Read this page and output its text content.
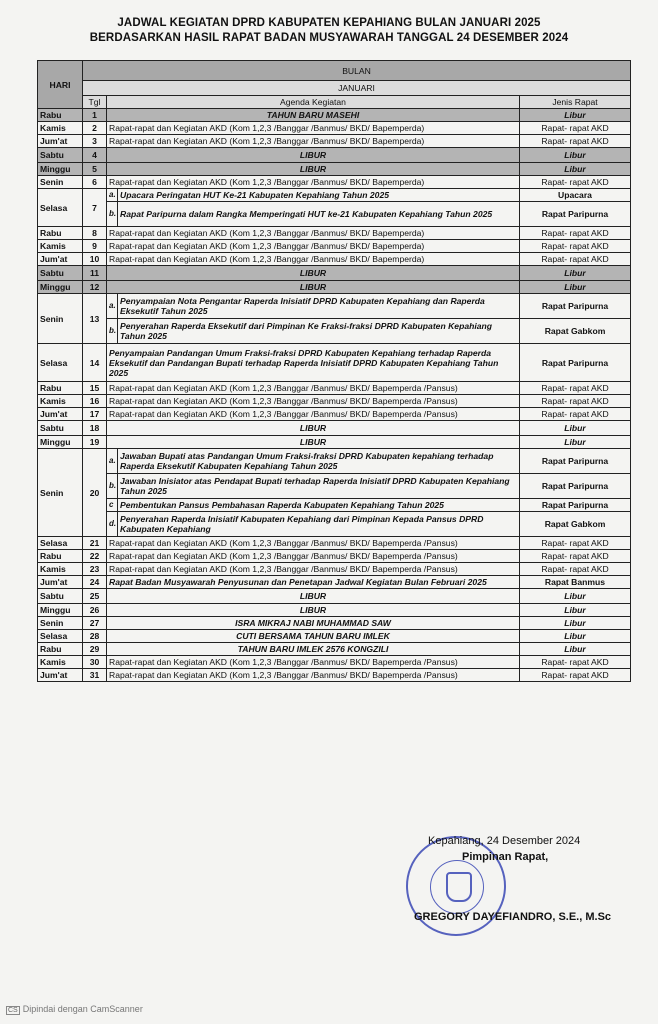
JADWAL KEGIATAN DPRD KABUPATEN KEPAHIANG BULAN JANUARI 2025
BERDASARKAN HASIL RAPAT BADAN MUSYAWARAH TANGGAL 24 DESEMBER 2024
HARI	BULAN			
	JANUARI			
	Tgl	Agenda Kegiatan		Jenis Rapat
Rabu	1	TAHUN BARU MASEHI		Libur
Kamis	2	Rapat-rapat dan Kegiatan AKD (Kom 1,2,3 /Banggar /Banmus/ BKD/ Bapemperda)		Rapat- rapat AKD
Jum'at	3	Rapat-rapat dan Kegiatan AKD (Kom 1,2,3 /Banggar /Banmus/ BKD/ Bapemperda)		Rapat- rapat AKD
Sabtu	4	LIBUR		Libur
Minggu	5	LIBUR		Libur
Senin	6	Rapat-rapat dan Kegiatan AKD (Kom 1,2,3 /Banggar /Banmus/ BKD/ Bapemperda)		Rapat- rapat AKD
Selasa	7	a.	Upacara Peringatan HUT Ke-21 Kabupaten Kepahiang Tahun 2025	Upacara
		b.	Rapat Paripurna dalam Rangka Memperingati HUT ke-21 Kabupaten Kepahiang Tahun 2025	Rapat Paripurna
Rabu	8	Rapat-rapat dan Kegiatan AKD (Kom 1,2,3 /Banggar /Banmus/ BKD/ Bapemperda)		Rapat- rapat AKD
Kamis	9	Rapat-rapat dan Kegiatan AKD (Kom 1,2,3 /Banggar /Banmus/ BKD/ Bapemperda)		Rapat- rapat AKD
Jum'at	10	Rapat-rapat dan Kegiatan AKD (Kom 1,2,3 /Banggar /Banmus/ BKD/ Bapemperda)		Rapat- rapat AKD
Sabtu	11	LIBUR		Libur
Minggu	12	LIBUR		Libur
Senin	13	a.	Penyampaian Nota Pengantar Raperda Inisiatif DPRD Kabupaten Kepahiang dan Raperda Eksekutif Tahun 2025	Rapat Paripurna
		b.	Penyerahan Raperda Eksekutif dari Pimpinan Ke Fraksi-fraksi DPRD Kabupaten Kepahiang Tahun 2025	Rapat Gabkom
Selasa	14	Penyampaian Pandangan Umum Fraksi-fraksi DPRD Kabupaten Kepahiang terhadap Raperda Eksekutif dan Pandangan Bupati terhadap Raperda Inisiatif DPRD Kabupaten Kepahiang Tahun 2025		Rapat Paripurna
Rabu	15	Rapat-rapat dan Kegiatan AKD (Kom 1,2,3 /Banggar /Banmus/ BKD/ Bapemperda /Pansus)		Rapat- rapat AKD
Kamis	16	Rapat-rapat dan Kegiatan AKD (Kom 1,2,3 /Banggar /Banmus/ BKD/ Bapemperda /Pansus)		Rapat- rapat AKD
Jum'at	17	Rapat-rapat dan Kegiatan AKD (Kom 1,2,3 /Banggar /Banmus/ BKD/ Bapemperda /Pansus)		Rapat- rapat AKD
Sabtu	18	LIBUR		Libur
Minggu	19	LIBUR		Libur
Senin	20	a.	Jawaban Bupati atas Pandangan Umum Fraksi-fraksi DPRD Kabupaten kepahiang terhadap Raperda Eksekutif Kabupaten Kepahiang Tahun 2025	Rapat Paripurna
		b.	Jawaban Inisiator atas Pendapat Bupati terhadap Raperda Inisiatif DPRD Kabupaten Kepahiang Tahun 2025	Rapat Paripurna
		c	Pembentukan Pansus Pembahasan Raperda Kabupaten Kepahiang Tahun 2025	Rapat Paripurna
		d.	Penyerahan Raperda Inisiatif Kabupaten Kepahiang dari Pimpinan Kepada Pansus DPRD Kabupaten Kepahiang	Rapat Gabkom
Selasa	21	Rapat-rapat dan Kegiatan AKD (Kom 1,2,3 /Banggar /Banmus/ BKD/ Bapemperda /Pansus)		Rapat- rapat AKD
Rabu	22	Rapat-rapat dan Kegiatan AKD (Kom 1,2,3 /Banggar /Banmus/ BKD/ Bapemperda /Pansus)		Rapat- rapat AKD
Kamis	23	Rapat-rapat dan Kegiatan AKD (Kom 1,2,3 /Banggar /Banmus/ BKD/ Bapemperda /Pansus)		Rapat- rapat AKD
Jum'at	24	Rapat Badan Musyawarah Penyusunan dan Penetapan Jadwal Kegiatan Bulan Februari 2025		Rapat Banmus
Sabtu	25	LIBUR		Libur
Minggu	26	LIBUR		Libur
Senin	27	ISRA MIKRAJ NABI MUHAMMAD SAW		Libur
Selasa	28	CUTI BERSAMA TAHUN BARU IMLEK		Libur
Rabu	29	TAHUN BARU IMLEK 2576 KONGZILI		Libur
Kamis	30	Rapat-rapat dan Kegiatan AKD (Kom 1,2,3 /Banggar /Banmus/ BKD/ Bapemperda /Pansus)		Rapat- rapat AKD
Jum'at	31	Rapat-rapat dan Kegiatan AKD (Kom 1,2,3 /Banggar /Banmus/ BKD/ Bapemperda /Pansus)		Rapat- rapat AKD
Kepahiang, 24 Desember 2024
Pimpinan Rapat,
GREGORY DAYEFIANDRO, S.E., M.Sc
CS Dipindai dengan CamScanner
